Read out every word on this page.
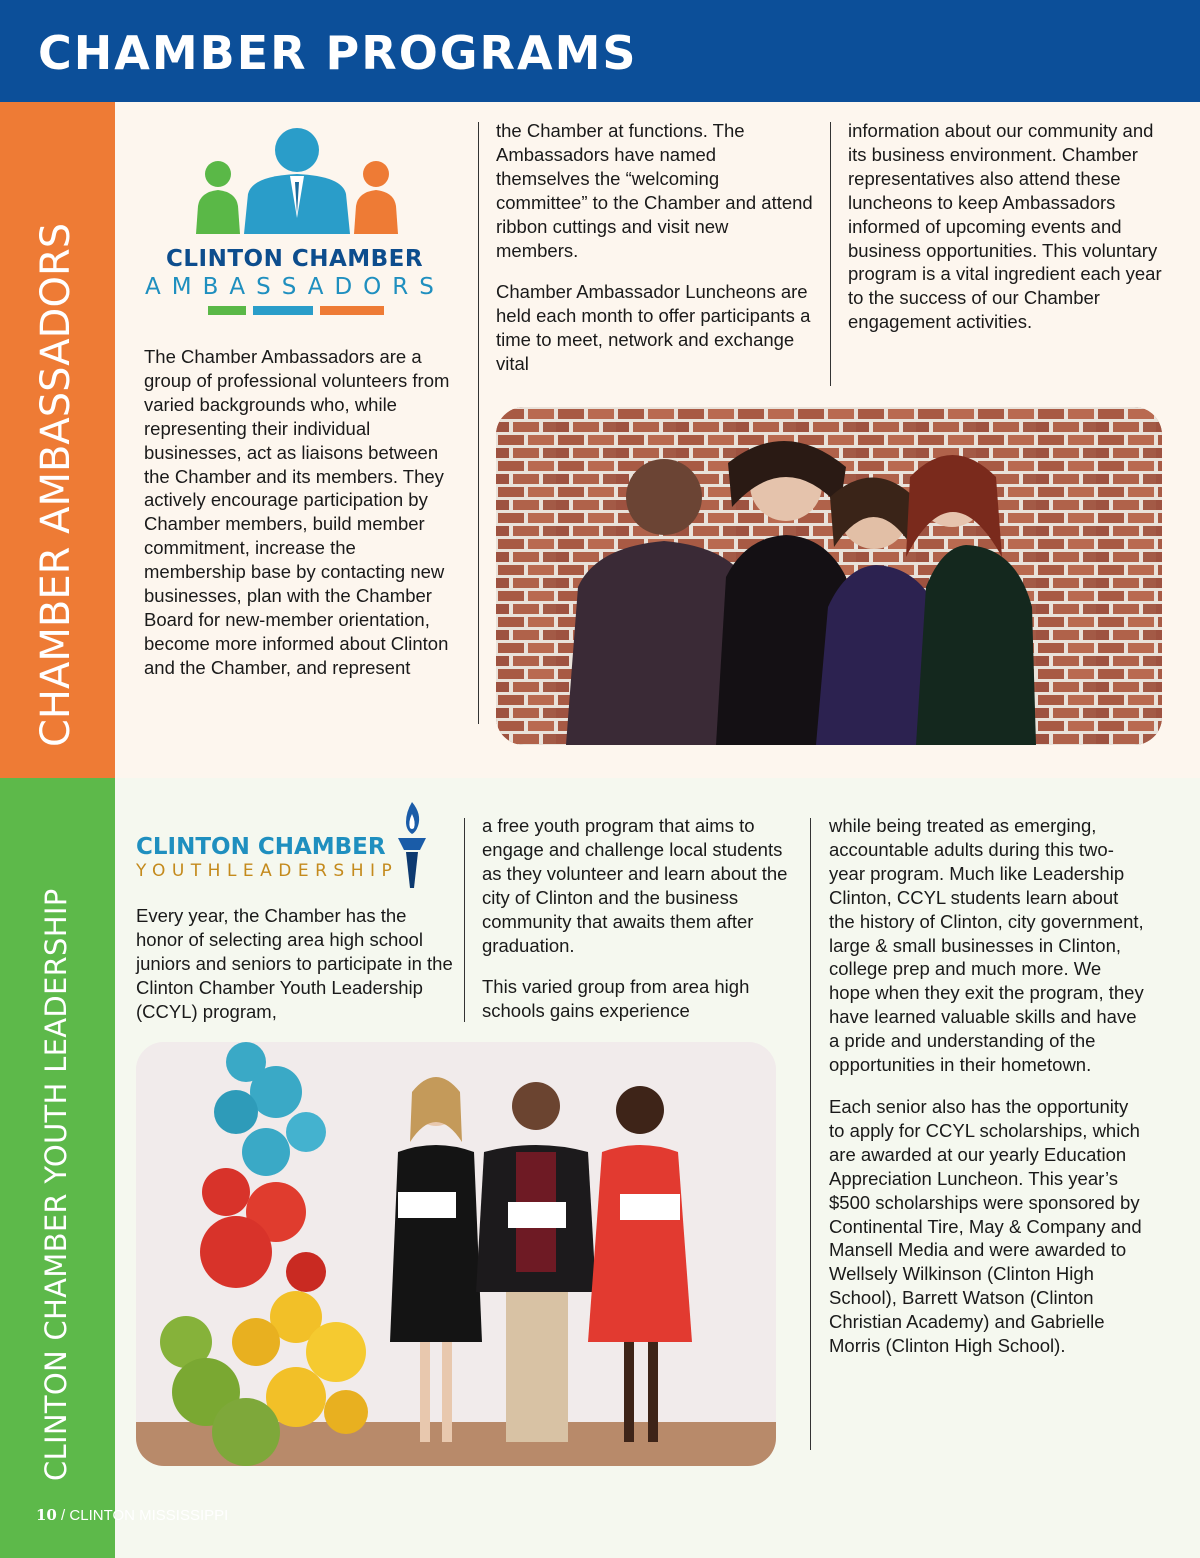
CHAMBER PROGRAMS
CHAMBER AMBASSADORS
CLINTON CHAMBER YOUTH LEADERSHIP
CLINTON CHAMBER
AMBASSADORS

The Chamber Ambassadors are a group of professional volunteers from varied backgrounds who, while representing their individual businesses, act as liaisons between the Chamber and its members. They actively encourage participation by Chamber members, build member commitment, increase the membership base by contacting new businesses, plan with the Chamber Board for new-member orientation, become more informed about Clinton and the Chamber, and represent

the Chamber at functions. The Ambassadors have named themselves the “welcoming committee” to the Chamber and attend ribbon cuttings and visit new members.

Chamber Ambassador Luncheons are held each month to offer participants a time to meet, network and exchange vital

information about our community and its business environment. Chamber representatives also attend these luncheons to keep Ambassadors informed of upcoming events and business opportunities. This voluntary program is a vital ingredient each year to the success of our Chamber engagement activities.

CLINTON CHAMBER
YOUTHLEADERSHIP

Every year, the Chamber has the honor of selecting area high school juniors and seniors to participate in the Clinton Chamber Youth Leadership (CCYL) program,

a free youth program that aims to engage and challenge local students as they volunteer and learn about the city of Clinton and the business community that awaits them after graduation.

This varied group from area high schools gains experience

while being treated as emerging, accountable adults during this two-year program. Much like Leadership Clinton, CCYL students learn about the history of Clinton, city government, large & small businesses in Clinton, college prep and much more. We hope when they exit the program, they have learned valuable skills and have a pride and understanding of the opportunities in their hometown.

Each senior also has the opportunity to apply for CCYL scholarships, which are awarded at our yearly Education Appreciation Luncheon. This year’s $500 scholarships were sponsored by Continental Tire, May & Company and Mansell Media and were awarded to Wellsely Wilkinson (Clinton High School), Barrett Watson (Clinton Christian Academy) and Gabrielle Morris (Clinton High School).

10 / CLINTON MISSISSIPPI
